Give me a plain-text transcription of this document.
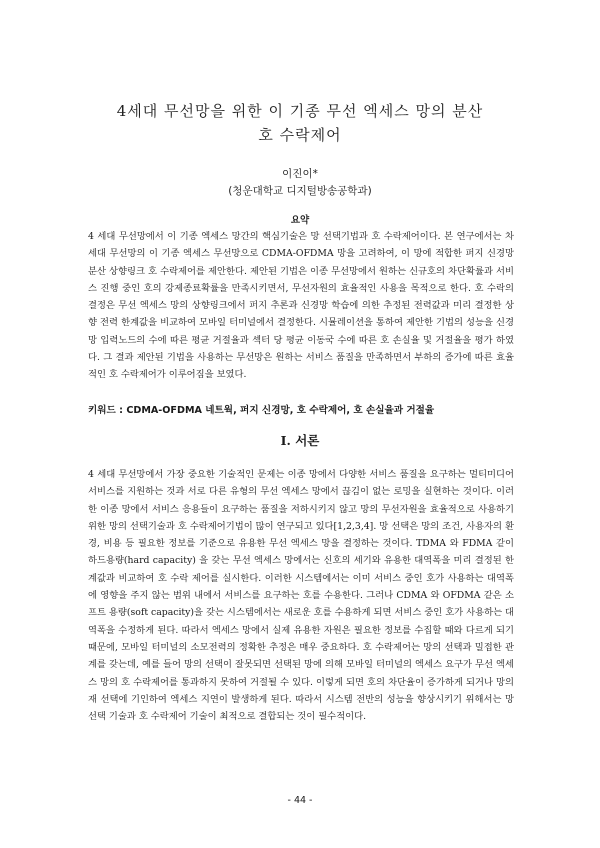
4세대 무선망을 위한 이 기종 무선 엑세스 망의 분산
호 수락제어
이진이*
(청운대학교 디지털방송공학과)
요약

4 세대 무선망에서 이 기종 엑세스 망간의 핵심기술은 망 선택기법과 호 수락제어이다. 본 연구에서는 차세대 무선망의 이 기종 엑세스 무선망으로 CDMA-OFDMA 망을 고려하여, 이 망에 적합한 퍼지 신경망 분산 상향링크 호 수락제어를 제안한다. 제안된 기법은 이종 무선망에서 원하는 신규호의 차단확률과 서비스 진행 중인 호의 강제종료확률을 만족시키면서, 무선자원의 효율적인 사용을 목적으로 한다. 호 수락의 결정은 무선 엑세스 망의 상향링크에서 퍼지 추론과 신경망 학습에 의한 추정된 전력값과 미리 결정한 상향 전력 한계값을 비교하여 모바일 터미널에서 결정한다. 시뮬레이션을 통하여 제안한 기법의 성능을 신경망 입력노드의 수에 따른 평균 거절율과 섹터 당 평균 이동국 수에 따른 호 손실율 및 거절율을 평가 하였다. 그 결과 제안된 기법을 사용하는 무선망은 원하는 서비스 품질을 만족하면서 부하의 증가에 따른 효율적인 호 수락제어가 이루어짐을 보였다.

키워드 : CDMA-OFDMA 네트웍, 퍼지 신경망, 호 수락제어, 호 손실율과 거절율
I. 서론

4 세대 무선망에서 가장 중요한 기술적인 문제는 이종 망에서 다양한 서비스 품질을 요구하는 멀티미디어 서비스를 지원하는 것과 서로 다른 유형의 무선 엑세스 망에서 끊김이 없는 로밍을 실현하는 것이다. 이러한 이종 망에서 서비스 응용들이 요구하는 품질을 저하시키지 않고 망의 무선자원을 효율적으로 사용하기 위한 망의 선택기술과 호 수락제어기법이 많이 연구되고 있다[1,2,3,4]. 망 선택은 망의 조건, 사용자의 환경, 비용 등 필요한 정보를 기준으로 유용한 무선 엑세스 망을 결정하는 것이다. TDMA 와 FDMA 같이 하드용량(hard capacity) 을 갖는 무선 엑세스 망에서는 신호의 세기와 유용한 대역폭을 미리 결정된 한계값과 비교하여 호 수락 제어를 실시한다. 이러한 시스템에서는 이미 서비스 중인 호가 사용하는 대역폭에 영향을 주지 않는 범위 내에서 서비스를 요구하는 호를 수용한다. 그러나 CDMA 와 OFDMA 같은 소프트 용량(soft capacity)을 갖는 시스템에서는 새로운 호를 수용하게 되면 서비스 중인 호가 사용하는 대역폭을 수정하게 된다. 따라서 엑세스 망에서 실제 유용한 자원은 필요한 정보를 수집할 때와 다르게 되기 때문에, 모바일 터미널의 소모전력의 정확한 추정은 매우 중요하다. 호 수락제어는 망의 선택과 밀접한 관계를 갖는데, 예를 들어 망의 선택이 잘못되면 선택된 망에 의해 모바일 터미널의 엑세스 요구가 무선 엑세스 망의 호 수락제어를 통과하지 못하여 거절될 수 있다. 이렇게 되면 호의 차단율이 증가하게 되거나 망의 재 선택에 기인하여 엑세스 지연이 발생하게 된다. 따라서 시스템 전반의 성능을 향상시키기 위해서는 망 선택 기술과 호 수락제어 기술이 최적으로 결합되는 것이 필수적이다.

- 44 -
